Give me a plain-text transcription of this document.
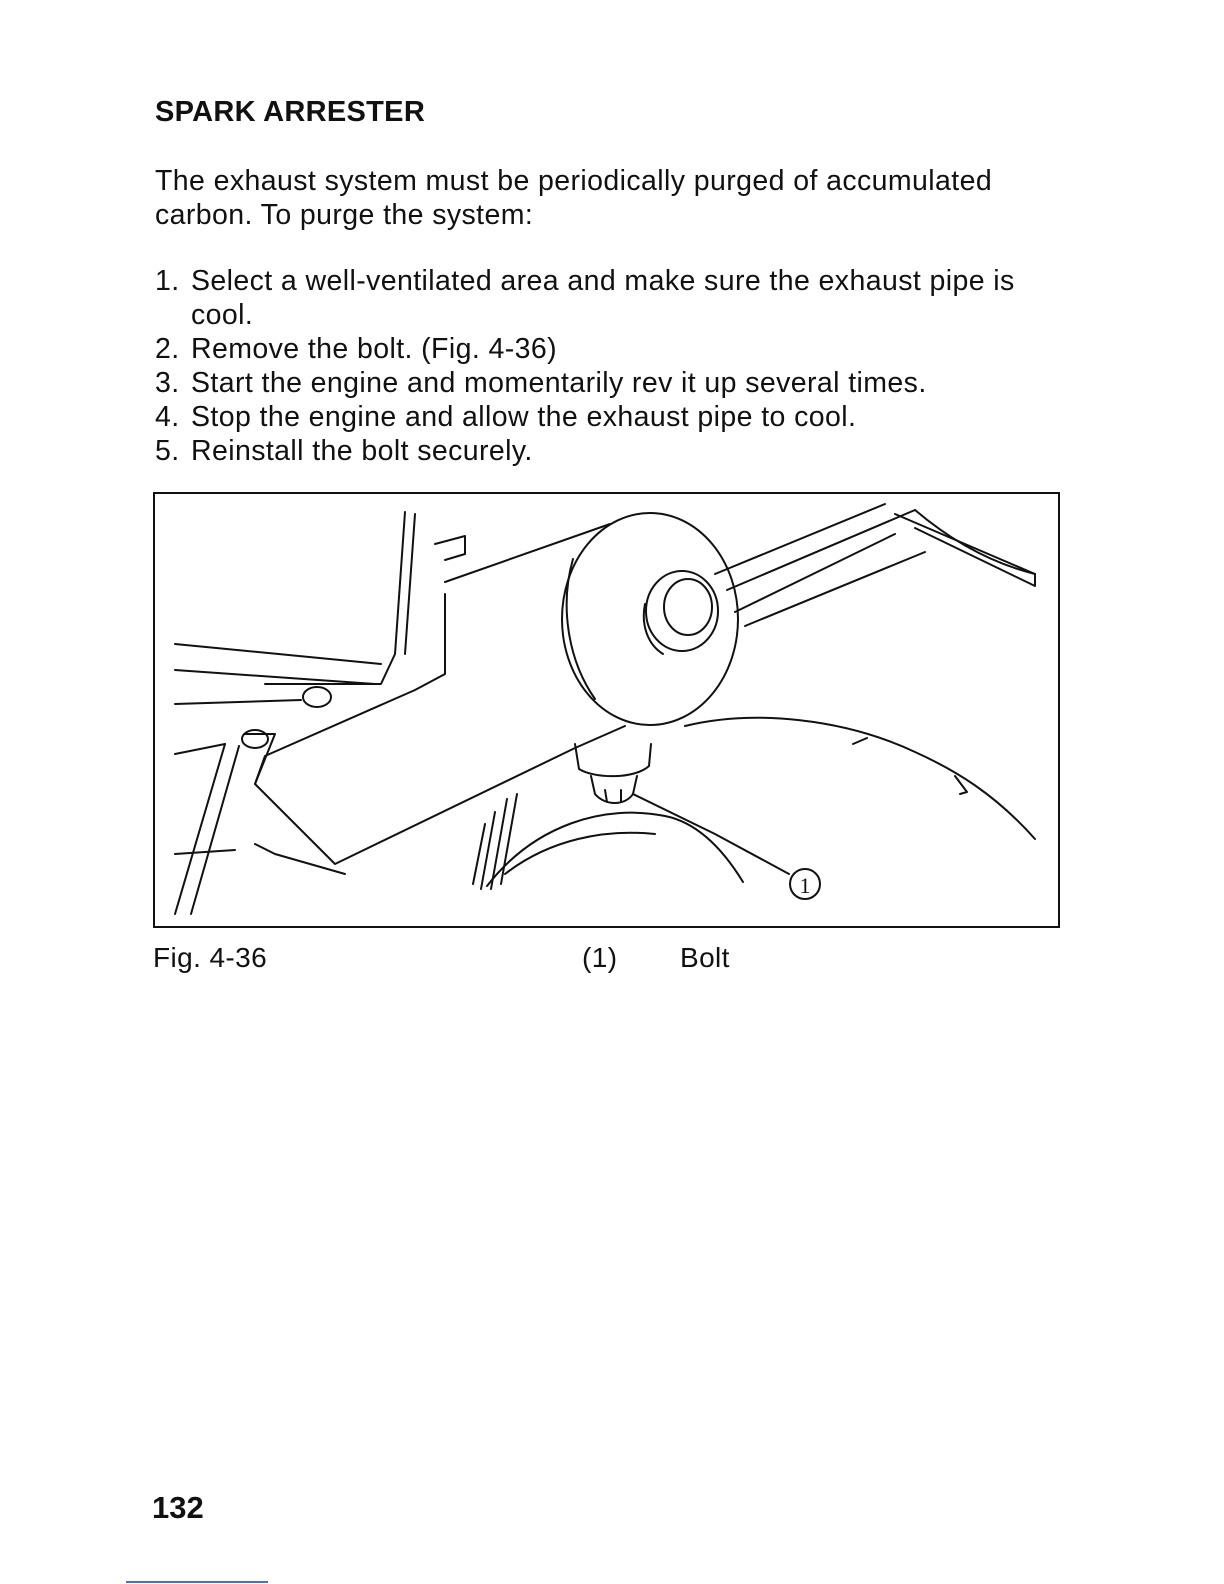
SPARK ARRESTER
The exhaust system must be periodically purged of accumulated carbon. To purge the system:
1. Select a well-ventilated area and make sure the exhaust pipe is cool.
2. Remove the bolt. (Fig. 4-36)
3. Start the engine and momentarily rev it up several times.
4. Stop the engine and allow the exhaust pipe to cool.
5. Reinstall the bolt securely.
1
Fig. 4-36	(1)	Bolt
132
